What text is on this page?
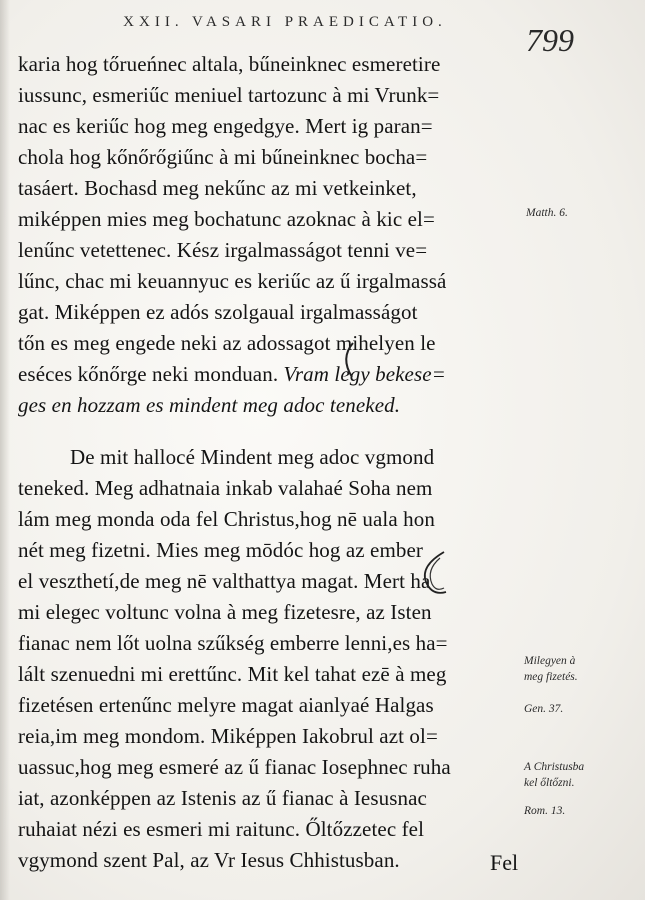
XXII. VASARI PRAEDICATIO.	799
karia hog tőrueńnec altala, bűneinknec esmeretire
iussunc, esmeriűc meniuel tartozunc à mi Vrunk=
nac es keriűc hog meg engedgye. Mert ig paran=
chola hog kőnőrőgiűnc à mi bűneinknec bocha=
tasáert. Bochasd meg nekűnc az mi vetkeinket,
miképpen mies meg bochatunc azoknac à kic el=
lenűnc vetettenec. Kész irgalmasságot tenni ve=
lűnc, chac mi keuannyuc es keriűc az ű irgalmassá
gat. Miképpen ez adós szolgaual irgalmasságot
tőn es meg engede neki az adossagot mihelyen le
eséces kőnőrge neki monduan. Vram legy bekese=
ges en hozzam es mindent meg adoc teneked.
De mit hallocé Mindent meg adoc vgmond
teneked. Meg adhatnaia inkab valahaé Soha nem
lám meg monda oda fel Christus,hog nē uala hon
nét meg fizetni. Mies meg mōdóc hog az ember
el veszthetí,de meg nē valthattya magat. Mert ha
mi elegec voltunc volna à meg fizetesre, az Isten
fianac nem lőt uolna szűkség emberre lenni,es ha=
lált szenuedni mi erettűnc. Mit kel tahat ezē à meg
fizetésen ertenűnc melyre magat aianlyaé Halgas
reia,im meg mondom. Miképpen Iakobrul azt ol=
uassuc,hog meg esmeré az ű fianac Iosephnec ruha
iat, azonképpen az Istenis az ű fianac à Iesusnac
ruhaiat nézi es esmeri mi raitunc. Őltőzzetec fel
vgymond szent Pal, az Vr Iesus Chhistusban.
Matth. 6.
Milegyen à
meg fizetés.
Gen. 37.
A Christusba
kel őltőzni.
Rom. 13.
Fel
